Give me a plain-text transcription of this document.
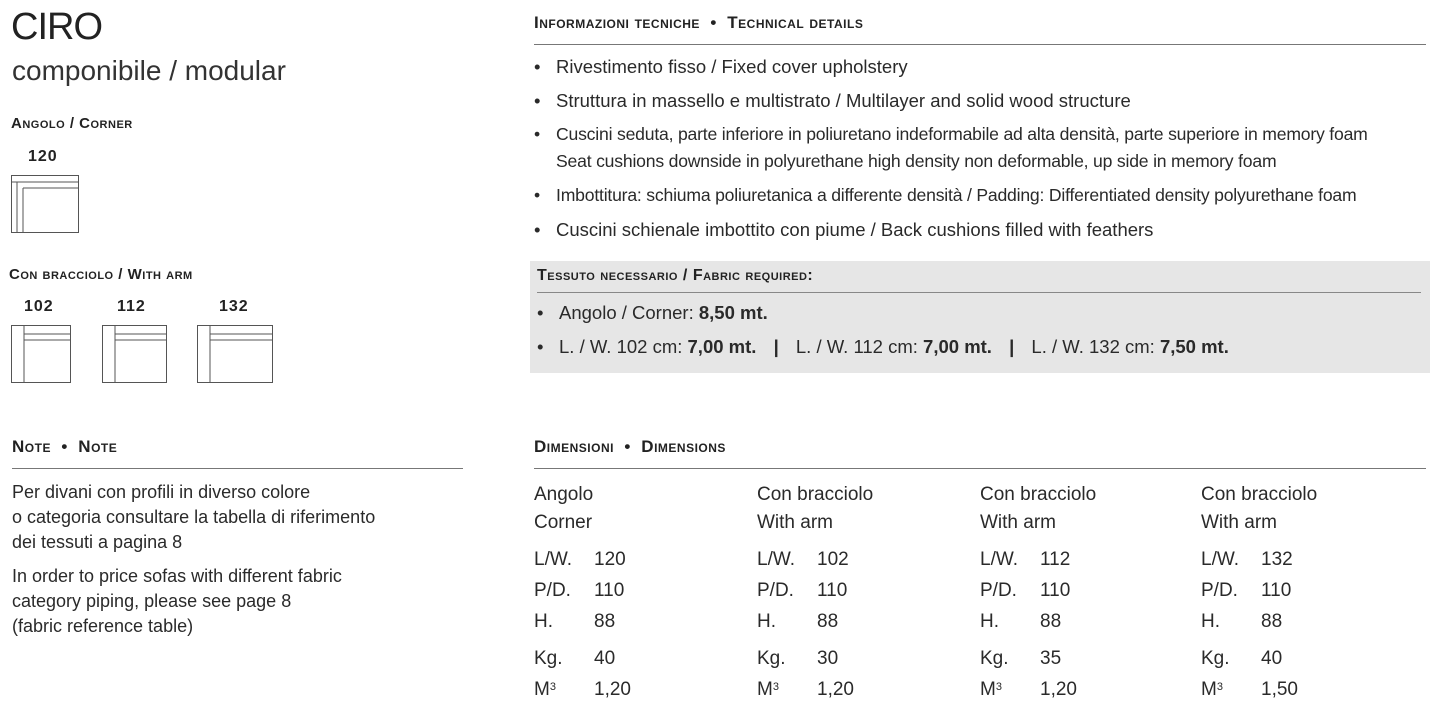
CIRO
componibile / modular
Angolo / Corner
120
Con bracciolo / With arm
102	112	132
Note  •  Note
Per divani con profili in diverso colore
o categoria consultare la tabella di riferimento
dei tessuti a pagina 8
In order to price sofas with different fabric
category piping, please see page 8
(fabric reference table)
Informazioni tecniche  •  Technical details
• Rivestimento fisso / Fixed cover upholstery
• Struttura in massello e multistrato / Multilayer and solid wood structure
• Cuscini seduta, parte inferiore in poliuretano indeformabile ad alta densità, parte superiore in memory foam
Seat cushions downside in polyurethane high density non deformable, up side in memory foam
• Imbottitura: schiuma poliuretanica a differente densità / Padding: Differentiated density polyurethane foam
• Cuscini schienale imbottito con piume / Back cushions filled with feathers
Tessuto necessario / Fabric required:
• Angolo / Corner: 8,50 mt.
• L. / W. 102 cm: 7,00 mt. | L. / W. 112 cm: 7,00 mt. | L. / W. 132 cm: 7,50 mt.
Dimensioni  •  Dimensions
Angolo
Corner
L/W.	120
P/D.	110
H.	88
Kg.	40
$M^3$	1,20
Con bracciolo
With arm
L/W.	102
P/D.	110
H.	88
Kg.	30
$M^3$	1,20
Con bracciolo
With arm
L/W.	112
P/D.	110
H.	88
Kg.	35
$M^3$	1,20
Con bracciolo
With arm
L/W.	132
P/D.	110
H.	88
Kg.	40
$M^3$	1,50
